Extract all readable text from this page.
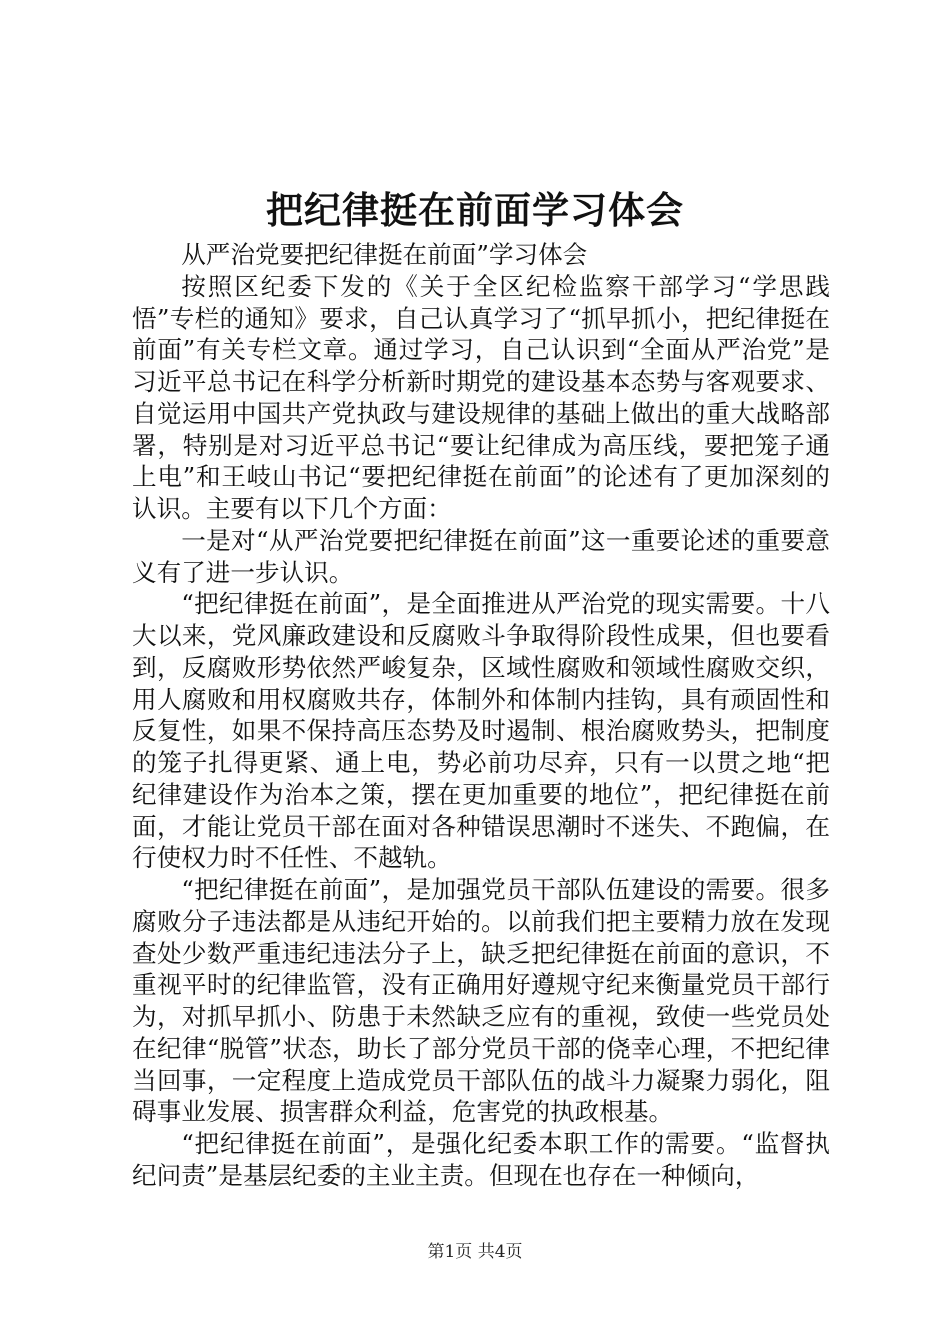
把纪律挺在前面学习体会

从严治党要把纪律挺在前面”学习体会

按照区纪委下发的《关于全区纪检监察干部学习“学思践悟”专栏的通知》要求，自己认真学习了“抓早抓小，把纪律挺在前面”有关专栏文章。通过学习，自己认识到“全面从严治党”是习近平总书记在科学分析新时期党的建设基本态势与客观要求、自觉运用中国共产党执政与建设规律的基础上做出的重大战略部署，特别是对习近平总书记“要让纪律成为高压线，要把笼子通上电”和王岐山书记“要把纪律挺在前面”的论述有了更加深刻的认识。主要有以下几个方面：

一是对“从严治党要把纪律挺在前面”这一重要论述的重要意义有了进一步认识。

“把纪律挺在前面”，是全面推进从严治党的现实需要。十八大以来，党风廉政建设和反腐败斗争取得阶段性成果，但也要看到，反腐败形势依然严峻复杂，区域性腐败和领域性腐败交织，用人腐败和用权腐败共存，体制外和体制内挂钩，具有顽固性和反复性，如果不保持高压态势及时遏制、根治腐败势头，把制度的笼子扎得更紧、通上电，势必前功尽弃，只有一以贯之地“把纪律建设作为治本之策，摆在更加重要的地位”，把纪律挺在前面，才能让党员干部在面对各种错误思潮时不迷失、不跑偏，在行使权力时不任性、不越轨。

“把纪律挺在前面”，是加强党员干部队伍建设的需要。很多腐败分子违法都是从违纪开始的。以前我们把主要精力放在发现查处少数严重违纪违法分子上，缺乏把纪律挺在前面的意识，不重视平时的纪律监管，没有正确用好遵规守纪来衡量党员干部行为，对抓早抓小、防患于未然缺乏应有的重视，致使一些党员处在纪律“脱管”状态，助长了部分党员干部的侥幸心理，不把纪律当回事，一定程度上造成党员干部队伍的战斗力凝聚力弱化，阻碍事业发展、损害群众利益，危害党的执政根基。

“把纪律挺在前面”，是强化纪委本职工作的需要。“监督执纪问责”是基层纪委的主业主责。但现在也存在一种倾向，

第1页 共4页
